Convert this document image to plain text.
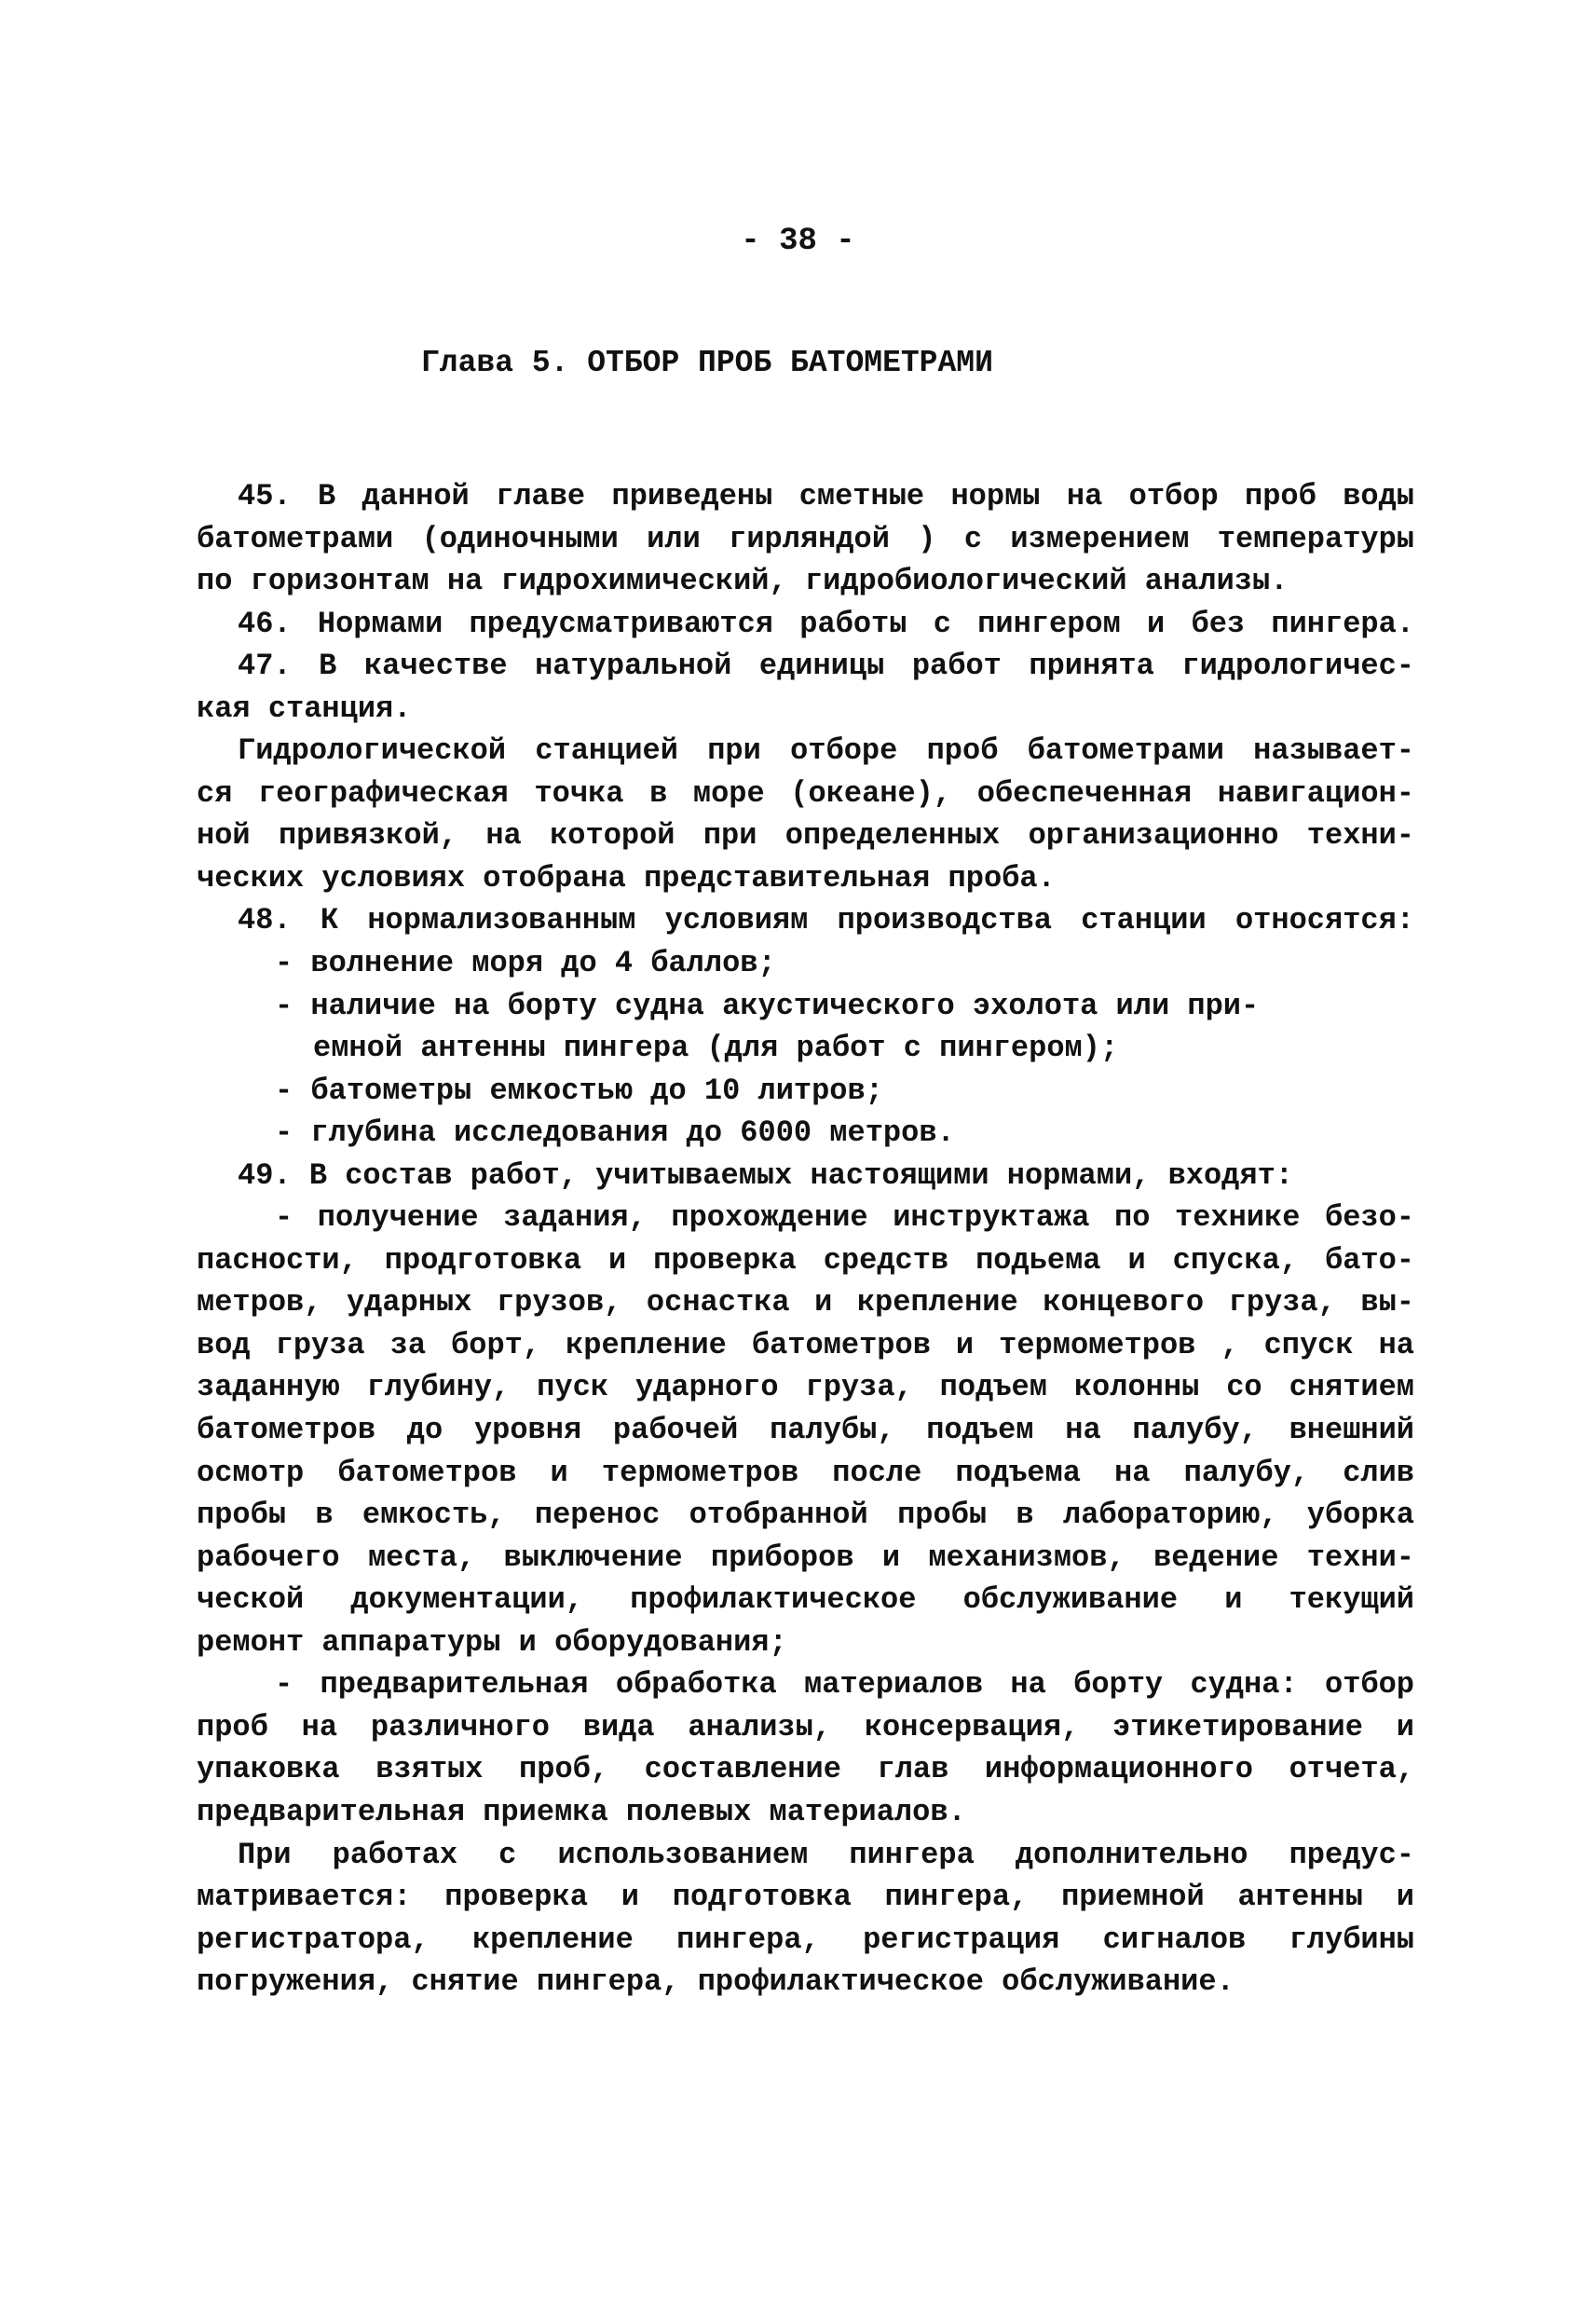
- 38 -
Глава 5. ОТБОР ПРОБ БАТОМЕТРАМИ
45. В данной главе приведены сметные нормы на отбор проб воды
батометрами (одиночными или гирляндой ) с измерением температуры
по горизонтам на гидрохимический, гидробиологический анализы.
46. Нормами предусматриваются работы с пингером и без пингера.
47. В качестве натуральной единицы работ принята гидрологичес-
кая станция.
Гидрологической станцией при отборе проб батометрами называет-
ся географическая точка в море (океане), обеспеченная навигацион-
ной привязкой, на которой при определенных организационно техни-
ческих условиях отобрана представительная проба.
48. К нормализованным условиям производства станции относятся:
- волнение моря до 4 баллов;
- наличие на борту судна акустического эхолота или при-
емной антенны пингера (для работ с пингером);
- батометры емкостью до 10 литров;
- глубина исследования до 6000 метров.
49. В состав работ, учитываемых настоящими нормами, входят:
- получение задания, прохождение инструктажа по технике безо-
пасности, продготовка и проверка средств подьема и спуска, бато-
метров, ударных грузов, оснастка и крепление концевого груза, вы-
вод груза за борт, крепление батометров и термометров , спуск на
заданную глубину, пуск ударного груза, подъем колонны со снятием
батометров до уровня рабочей палубы, подъем на палубу, внешний
осмотр батометров и термометров после подъема на палубу, слив
пробы в емкость, перенос отобранной пробы в лабораторию, уборка
рабочего места, выключение приборов и механизмов, ведение техни-
ческой документации, профилактическое обслуживание и текущий
ремонт аппаратуры и оборудования;
- предварительная обработка материалов на борту судна: отбор
проб на различного вида анализы, консервация, этикетирование и
упаковка взятых проб, составление глав информационного отчета,
предварительная приемка полевых материалов.
При работах с использованием пингера дополнительно предус-
матривается: проверка и подготовка пингера, приемной антенны и
регистратора, крепление пингера, регистрация сигналов глубины
погружения, снятие пингера, профилактическое обслуживание.
